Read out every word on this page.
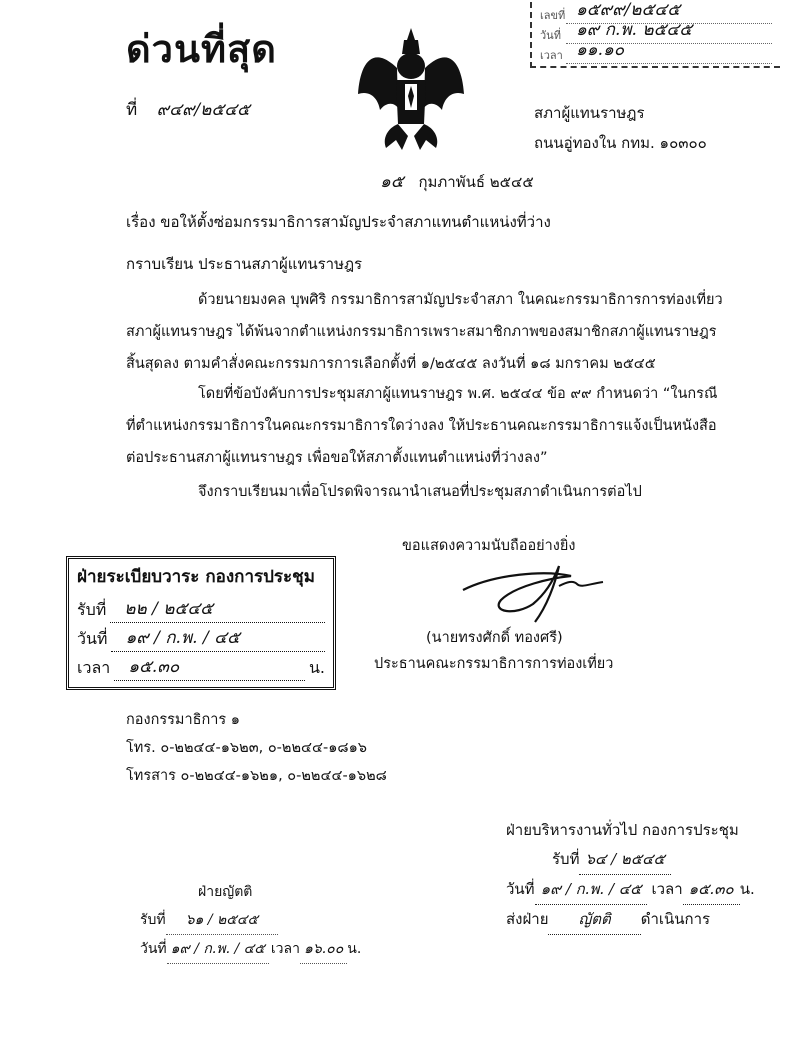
ด่วนที่สุด
ที่ ๙๔๙/๒๕๔๕	สภาผู้แทนราษฎร
ถนนอู่ทองใน กทม. ๑๐๓๐๐
๑๕ กุมภาพันธ์ ๒๕๔๕
เลขที่ ๑๕๙๙/๒๕๔๕
วันที่ ๑๙ ก.พ. ๒๕๔๕
เวลา ๑๑.๑๐
เรื่อง ขอให้ตั้งซ่อมกรรมาธิการสามัญประจำสภาแทนตำแหน่งที่ว่าง
กราบเรียน ประธานสภาผู้แทนราษฎร
ด้วยนายมงคล บุพศิริ กรรมาธิการสามัญประจำสภา ในคณะกรรมาธิการการท่องเที่ยว สภาผู้แทนราษฎร ได้พ้นจากตำแหน่งกรรมาธิการเพราะสมาชิกภาพของสมาชิกสภาผู้แทนราษฎร สิ้นสุดลง ตามคำสั่งคณะกรรมการการเลือกตั้งที่ ๑/๒๕๔๕ ลงวันที่ ๑๘ มกราคม ๒๕๔๕
โดยที่ข้อบังคับการประชุมสภาผู้แทนราษฎร พ.ศ. ๒๕๔๔ ข้อ ๙๙ กำหนดว่า “ในกรณีที่ตำแหน่งกรรมาธิการในคณะกรรมาธิการใดว่างลง ให้ประธานคณะกรรมาธิการแจ้งเป็นหนังสือต่อประธานสภาผู้แทนราษฎร เพื่อขอให้สภาตั้งแทนตำแหน่งที่ว่างลง”
จึงกราบเรียนมาเพื่อโปรดพิจารณานำเสนอที่ประชุมสภาดำเนินการต่อไป
ขอแสดงความนับถืออย่างยิ่ง
(นายทรงศักดิ์ ทองศรี)
ประธานคณะกรรมาธิการการท่องเที่ยว
ฝ่ายระเบียบวาระ กองการประชุม
รับที่	๒๒ / ๒๕๔๕
วันที่	๑๙ / ก.พ. / ๔๕
เวลา	๑๕.๓๐	น.
กองกรรมาธิการ ๑
โทร. ๐-๒๒๔๔-๑๖๒๓, ๐-๒๒๔๔-๑๘๑๖
โทรสาร ๐-๒๒๔๔-๑๖๒๑, ๐-๒๒๔๔-๑๖๒๘
ฝ่ายบริหารงานทั่วไป กองการประชุม
รับที่ ๖๔ / ๒๕๔๕
วันที่ ๑๙ / ก.พ. / ๔๕ เวลา ๑๕.๓๐ น.
ส่งฝ่าย	ญัตติ	ดำเนินการ
ฝ่ายญัตติ
รับที่	๖๑ / ๒๕๔๕
วันที่ ๑๙ / ก.พ. / ๔๕ เวลา ๑๖.๐๐ น.
